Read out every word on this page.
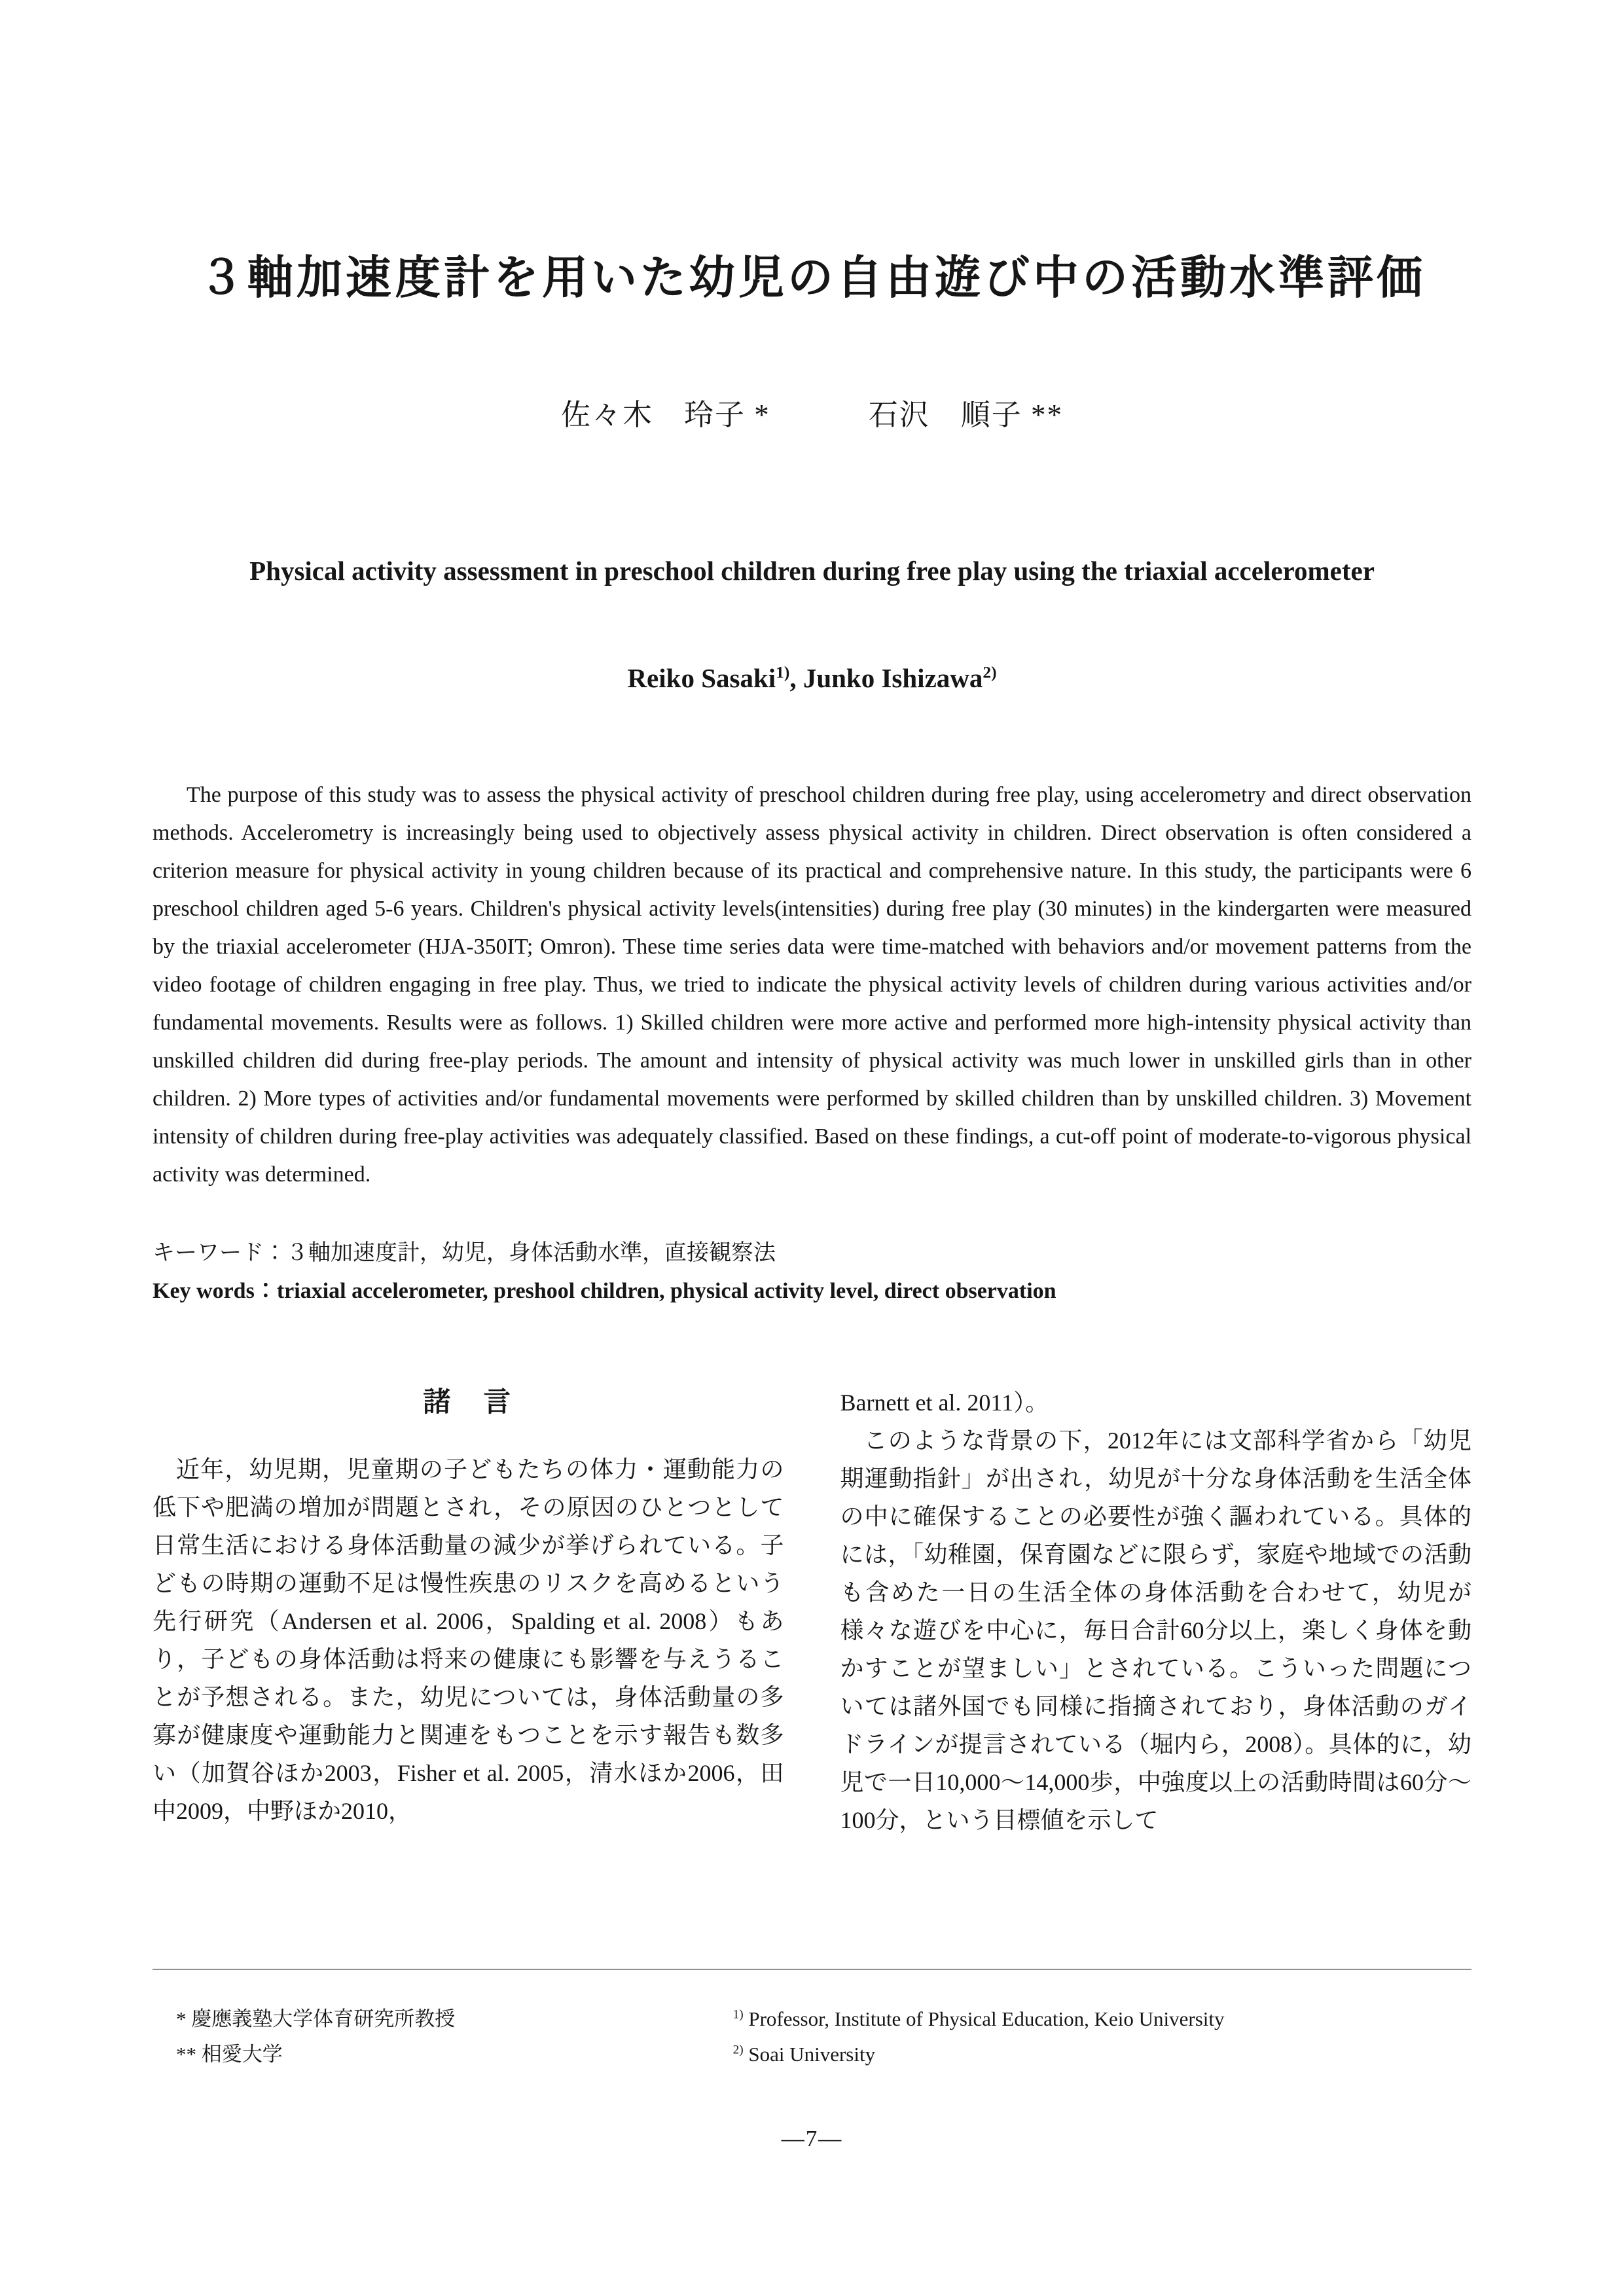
３軸加速度計を用いた幼児の自由遊び中の活動水準評価
佐々木　玲子 *	石沢　順子 **
Physical activity assessment in preschool children during free play using the triaxial accelerometer
Reiko Sasaki$^{1)}$, Junko Ishizawa$^{2)}$

The purpose of this study was to assess the physical activity of preschool children during free play, using accelerometry and direct observation methods. Accelerometry is increasingly being used to objectively assess physical activity in children. Direct observation is often considered a criterion measure for physical activity in young children because of its practical and comprehensive nature. In this study, the participants were 6 preschool children aged 5-6 years. Children's physical activity levels(intensities) during free play (30 minutes) in the kindergarten were measured by the triaxial accelerometer (HJA-350IT; Omron). These time series data were time-matched with behaviors and/or movement patterns from the video footage of children engaging in free play. Thus, we tried to indicate the physical activity levels of children during various activities and/or fundamental movements. Results were as follows. 1) Skilled children were more active and performed more high-intensity physical activity than unskilled children did during free-play periods. The amount and intensity of physical activity was much lower in unskilled girls than in other children. 2) More types of activities and/or fundamental movements were performed by skilled children than by unskilled children. 3) Movement intensity of children during free-play activities was adequately classified. Based on these findings, a cut-off point of moderate-to-vigorous physical activity was determined.

キーワード：３軸加速度計，幼児，身体活動水準，直接観察法
Key words：triaxial accelerometer, preshool children, physical activity level, direct observation
諸　言

近年，幼児期，児童期の子どもたちの体力・運動能力の低下や肥満の増加が問題とされ，その原因のひとつとして日常生活における身体活動量の減少が挙げられている。子どもの時期の運動不足は慢性疾患のリスクを高めるという先行研究（Andersen et al. 2006，Spalding et al. 2008）もあり，子どもの身体活動は将来の健康にも影響を与えうることが予想される。また，幼児については，身体活動量の多寡が健康度や運動能力と関連をもつことを示す報告も数多い（加賀谷ほか2003，Fisher et al. 2005，清水ほか2006，田中2009，中野ほか2010，

Barnett et al. 2011）。

このような背景の下，2012年には文部科学省から「幼児期運動指針」が出され，幼児が十分な身体活動を生活全体の中に確保することの必要性が強く謳われている。具体的には，「幼稚園，保育園などに限らず，家庭や地域での活動も含めた一日の生活全体の身体活動を合わせて，幼児が様々な遊びを中心に，毎日合計60分以上，楽しく身体を動かすことが望ましい」とされている。こういった問題については諸外国でも同様に指摘されており，身体活動のガイドラインが提言されている（堀内ら，2008）。具体的に，幼児で一日10,000～14,000歩，中強度以上の活動時間は60分～ 100分，という目標値を示して

* 慶應義塾大学体育研究所教授
** 相愛大学
$^{1)}$ Professor, Institute of Physical Education, Keio University
$^{2)}$ Soai University
―7―
